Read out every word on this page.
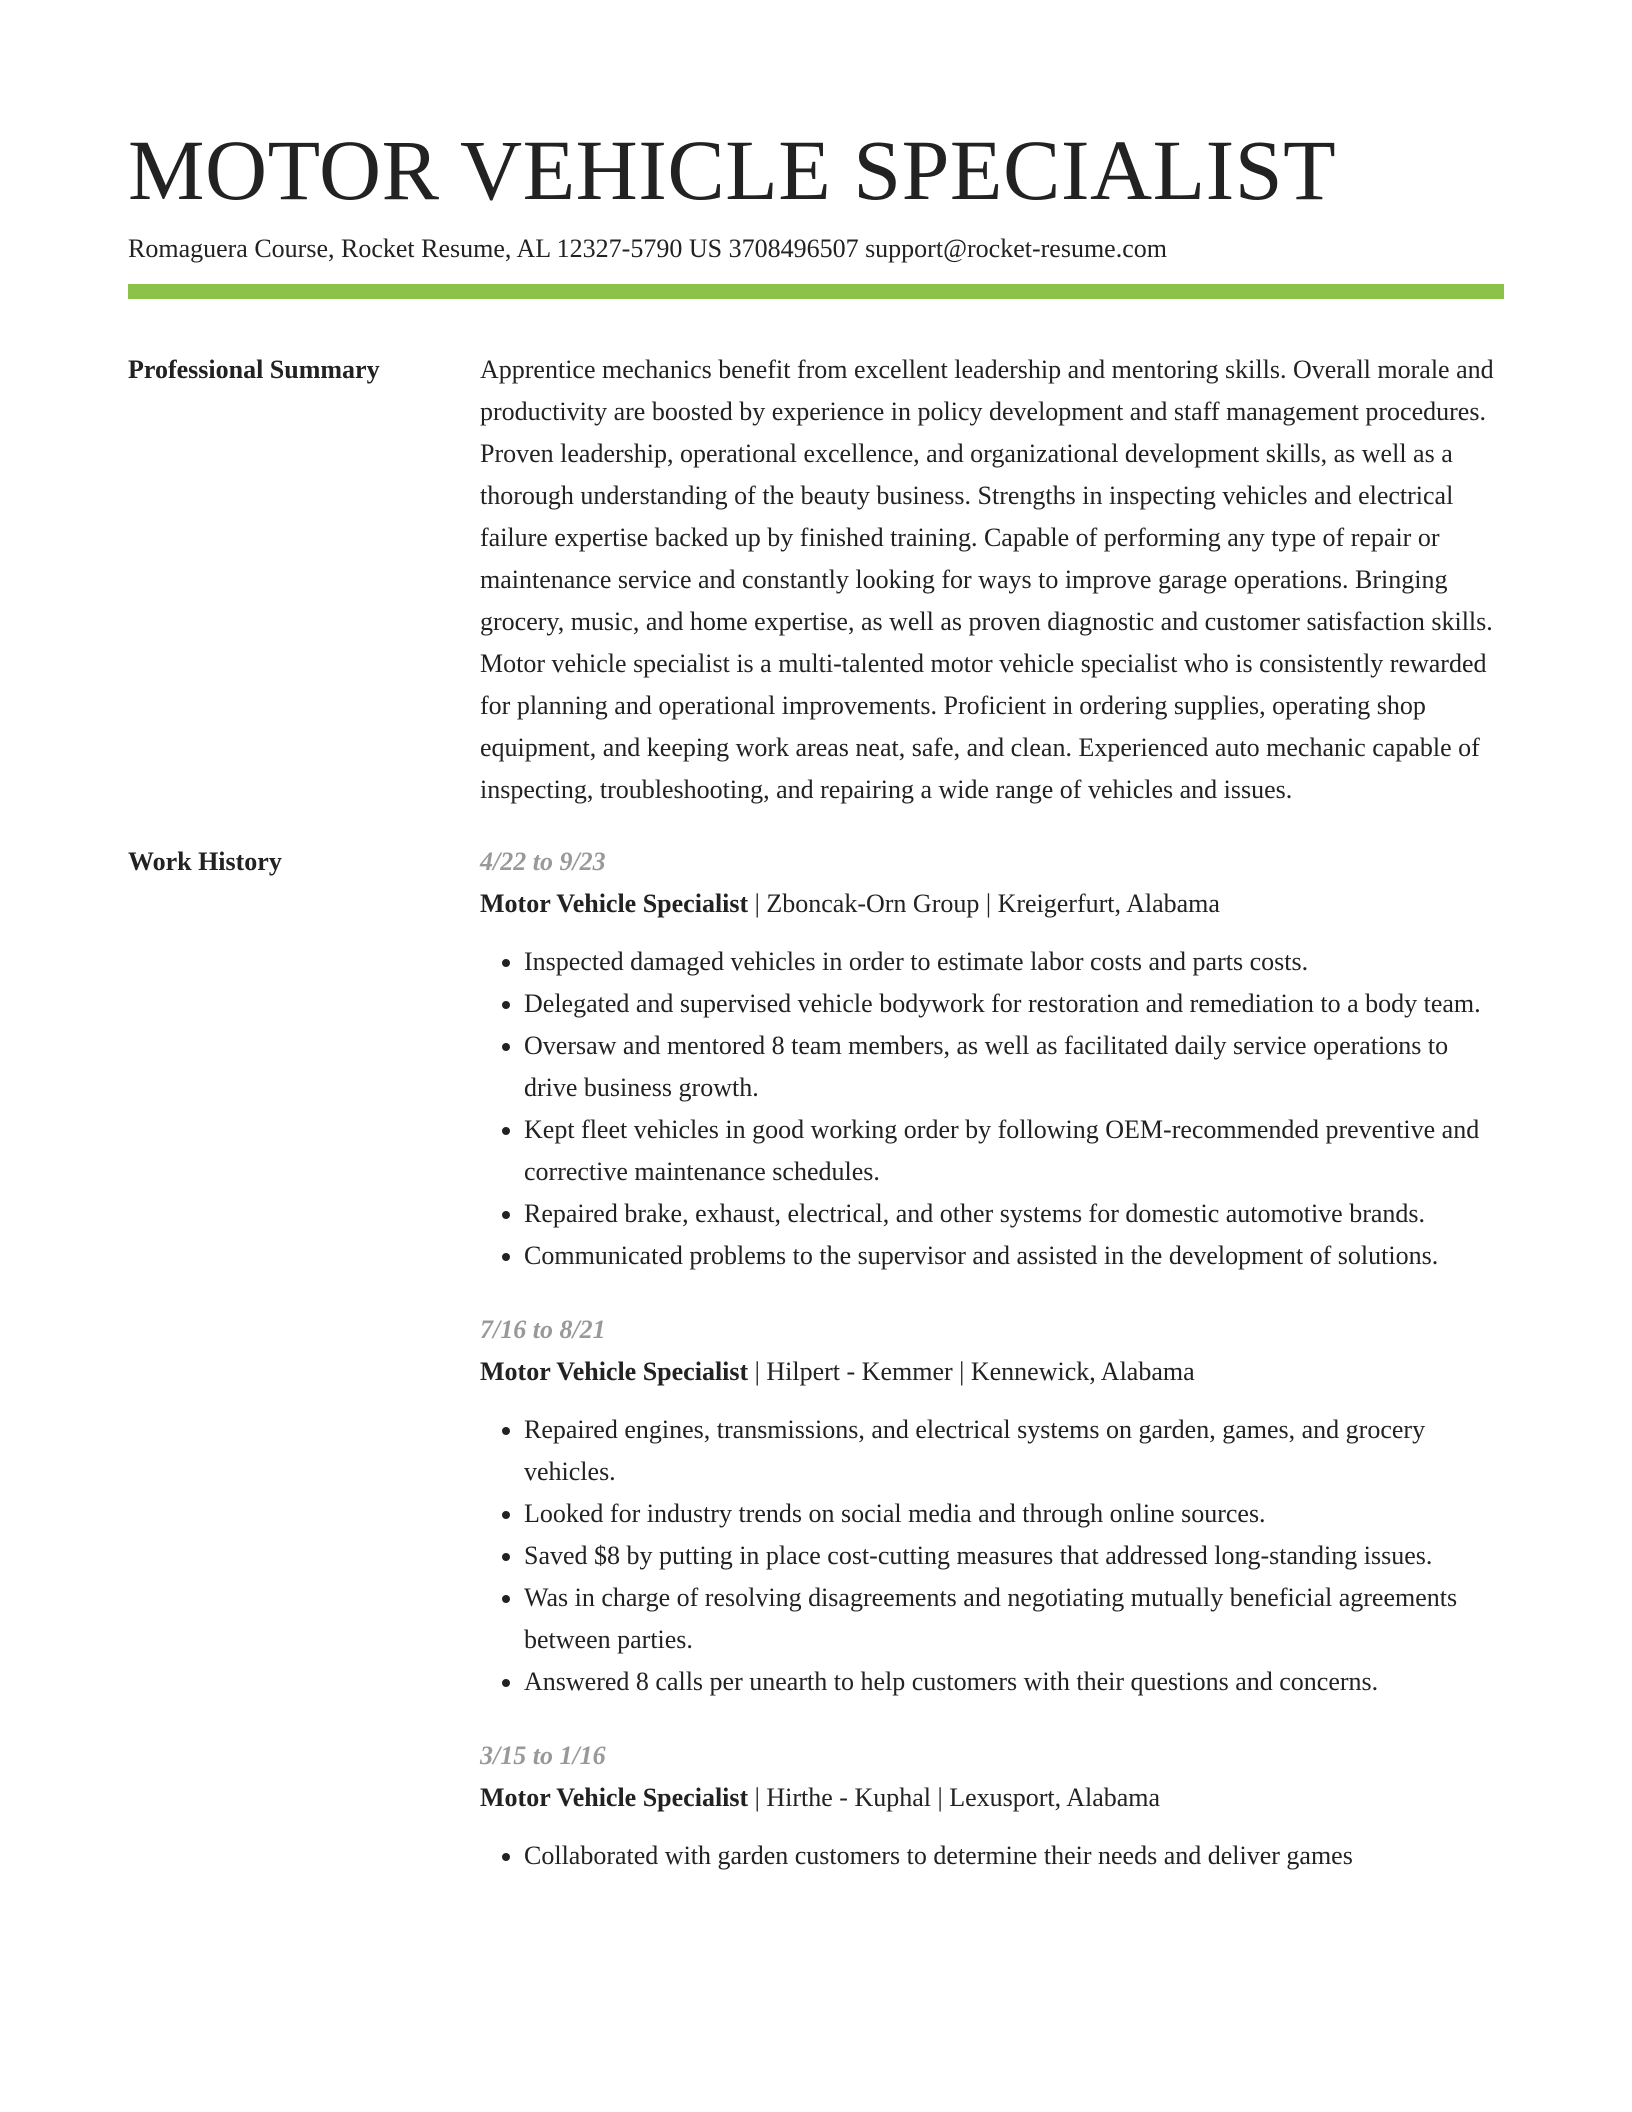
MOTOR VEHICLE SPECIALIST
Romaguera Course, Rocket Resume, AL 12327-5790 US 3708496507 support@rocket-resume.com
Professional Summary	Apprentice mechanics benefit from excellent leadership and mentoring skills. Overall morale and productivity are boosted by experience in policy development and staff management procedures. Proven leadership, operational excellence, and organizational development skills, as well as a thorough understanding of the beauty business. Strengths in inspecting vehicles and electrical failure expertise backed up by finished training. Capable of performing any type of repair or maintenance service and constantly looking for ways to improve garage operations. Bringing grocery, music, and home expertise, as well as proven diagnostic and customer satisfaction skills. Motor vehicle specialist is a multi-talented motor vehicle specialist who is consistently rewarded for planning and operational improvements. Proficient in ordering supplies, operating shop equipment, and keeping work areas neat, safe, and clean. Experienced auto mechanic capable of inspecting, troubleshooting, and repairing a wide range of vehicles and issues.

Work History	4/22 to 9/23
Motor Vehicle Specialist | Zboncak-Orn Group | Kreigerfurt, Alabama
• Inspected damaged vehicles in order to estimate labor costs and parts costs.
• Delegated and supervised vehicle bodywork for restoration and remediation to a body team.
• Oversaw and mentored 8 team members, as well as facilitated daily service operations to drive business growth.
• Kept fleet vehicles in good working order by following OEM-recommended preventive and corrective maintenance schedules.
• Repaired brake, exhaust, electrical, and other systems for domestic automotive brands.
• Communicated problems to the supervisor and assisted in the development of solutions.
7/16 to 8/21
Motor Vehicle Specialist | Hilpert - Kemmer | Kennewick, Alabama
• Repaired engines, transmissions, and electrical systems on garden, games, and grocery vehicles.
• Looked for industry trends on social media and through online sources.
• Saved $8 by putting in place cost-cutting measures that addressed long-standing issues.
• Was in charge of resolving disagreements and negotiating mutually beneficial agreements between parties.
• Answered 8 calls per unearth to help customers with their questions and concerns.
3/15 to 1/16
Motor Vehicle Specialist | Hirthe - Kuphal | Lexusport, Alabama
• Collaborated with garden customers to determine their needs and deliver games
